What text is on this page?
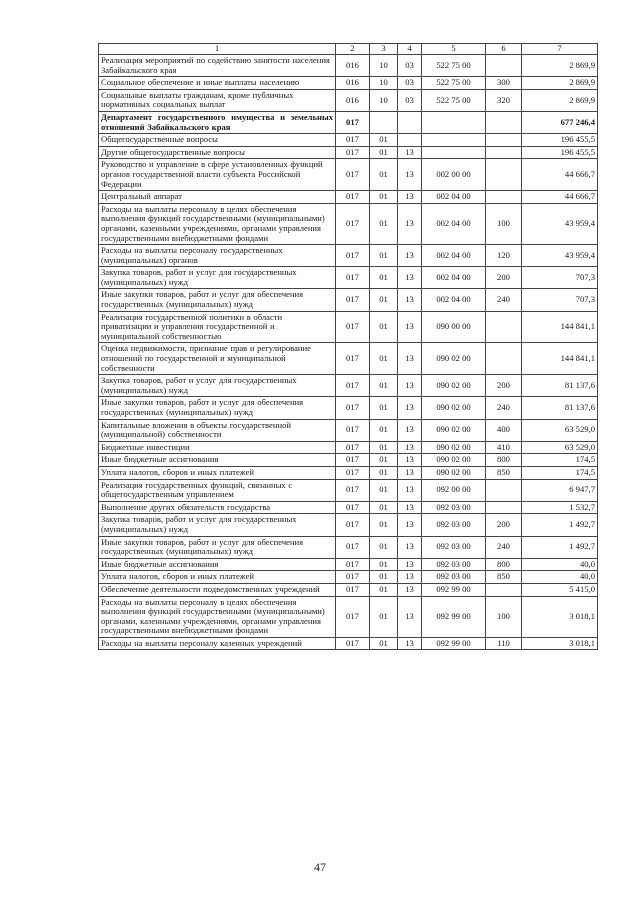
1	2	3	4	5	6	7
Реализация мероприятий по содействию занятости населения Забайкальского края	016	10	03	522 75 00		2 869,9
Социальное обеспечение и иные выплаты населению	016	10	03	522 75 00	300	2 869,9
Социальные выплаты гражданам, кроме публичных нормативных социальных выплат	016	10	03	522 75 00	320	2 869,9
Департамент государственного имущества и земельных отношений Забайкальского края	017					677 246,4
Общегосударственные вопросы	017	01				196 455,5
Другие общегосударственные вопросы	017	01	13			196 455,5
Руководство и управление в сфере установленных функций органов государственной власти субъекта Российской Федерации	017	01	13	002 00 00		44 666,7
Центральный аппарат	017	01	13	002 04 00		44 666,7
Расходы на выплаты персоналу в целях обеспечения выполнения функций государственными (муниципальными) органами, казенными учреждениями, органами управления государственными внебюджетными фондами	017	01	13	002 04 00	100	43 959,4
Расходы на выплаты персоналу государственных (муниципальных) органов	017	01	13	002 04 00	120	43 959,4
Закупка товаров, работ и услуг для государственных (муниципальных) нужд	017	01	13	002 04 00	200	707,3
Иные закупки товаров, работ и услуг для обеспечения государственных (муниципальных) нужд	017	01	13	002 04 00	240	707,3
Реализация государственной политики в области приватизации и управления государственной и муниципальной собственностью	017	01	13	090 00 00		144 841,1
Оценка недвижимости, признание прав и регулирование отношений по государственной и муниципальной собственности	017	01	13	090 02 00		144 841,1
Закупка товаров, работ и услуг для государственных (муниципальных) нужд	017	01	13	090 02 00	200	81 137,6
Иные закупки товаров, работ и услуг для обеспечения государственных (муниципальных) нужд	017	01	13	090 02 00	240	81 137,6
Капитальные вложения в объекты государственной (муниципальной) собственности	017	01	13	090 02 00	400	63 529,0
Бюджетные инвестиции	017	01	13	090 02 00	410	63 529,0
Иные бюджетные ассигнования	017	01	13	090 02 00	800	174,5
Уплата налогов, сборов и иных платежей	017	01	13	090 02 00	850	174,5
Реализация государственных функций, связанных с общегосударственным управлением	017	01	13	092 00 00		6 947,7
Выполнение других обязательств государства	017	01	13	092 03 00		1 532,7
Закупка товаров, работ и услуг для государственных (муниципальных) нужд	017	01	13	092 03 00	200	1 492,7
Иные закупки товаров, работ и услуг для обеспечения государственных (муниципальных) нужд	017	01	13	092 03 00	240	1 492,7
Иные бюджетные ассигнования	017	01	13	092 03 00	800	40,0
Уплата налогов, сборов и иных платежей	017	01	13	092 03 00	850	40,0
Обеспечение деятельности подведомственных учреждений	017	01	13	092 99 00		5 415,0
Расходы на выплаты персоналу в целях обеспечения выполнения функций государственными (муниципальными) органами, казенными учреждениями, органами управления государственными внебюджетными фондами	017	01	13	092 99 00	100	3 018,1
Расходы на выплаты персоналу казенных учреждений	017	01	13	092 99 00	110	3 018,1
47
